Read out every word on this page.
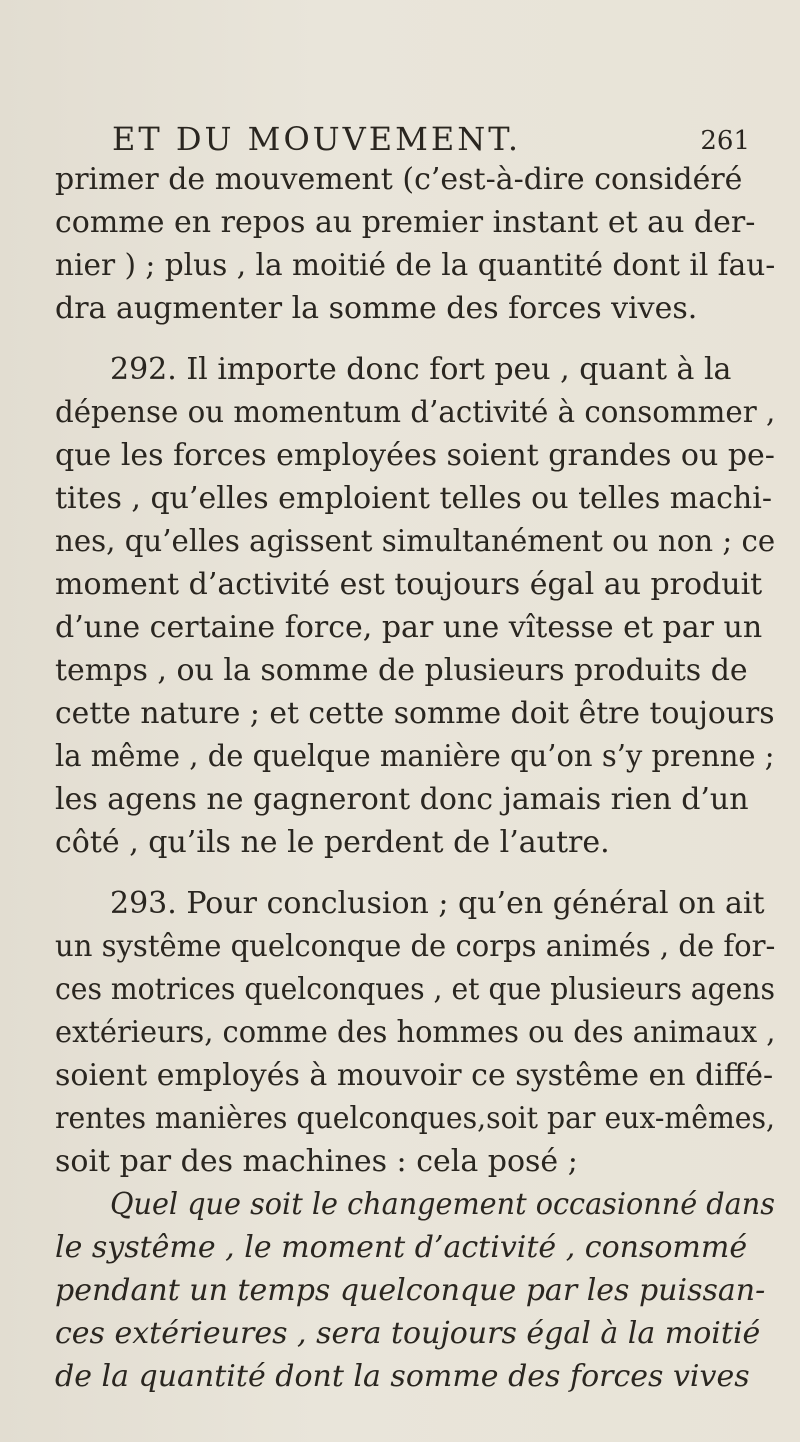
ET DU MOUVEMENT.	261
primer de mouvement (c’est-à-dire considéré
comme en repos au premier instant et au der-
nier ) ; plus , la moitié de la quantité dont il fau-
dra augmenter la somme des forces vives.
292. Il importe donc fort peu , quant à la
dépense ou momentum d’activité à consommer ,
que les forces employées soient grandes ou pe-
tites , qu’elles emploient telles ou telles machi-
nes, qu’elles agissent simultanément ou non ; ce
moment d’activité est toujours égal au produit
d’une certaine force, par une vîtesse et par un
temps , ou la somme de plusieurs produits de
cette nature ; et cette somme doit être toujours
la même , de quelque manière qu’on s’y prenne ;
les agens ne gagneront donc jamais rien d’un
côté , qu’ils ne le perdent de l’autre.
293. Pour conclusion ; qu’en général on ait
un systême quelconque de corps animés , de for-
ces motrices quelconques , et que plusieurs agens
extérieurs, comme des hommes ou des animaux ,
soient employés à mouvoir ce systême en diffé-
rentes manières quelconques,soit par eux-mêmes,
soit par des machines : cela posé ;
Quel que soit le changement occasionné dans
le systême , le moment d’activité , consommé
pendant un temps quelconque par les puissan-
ces extérieures , sera toujours égal à la moitié
de la quantité dont la somme des forces vives
